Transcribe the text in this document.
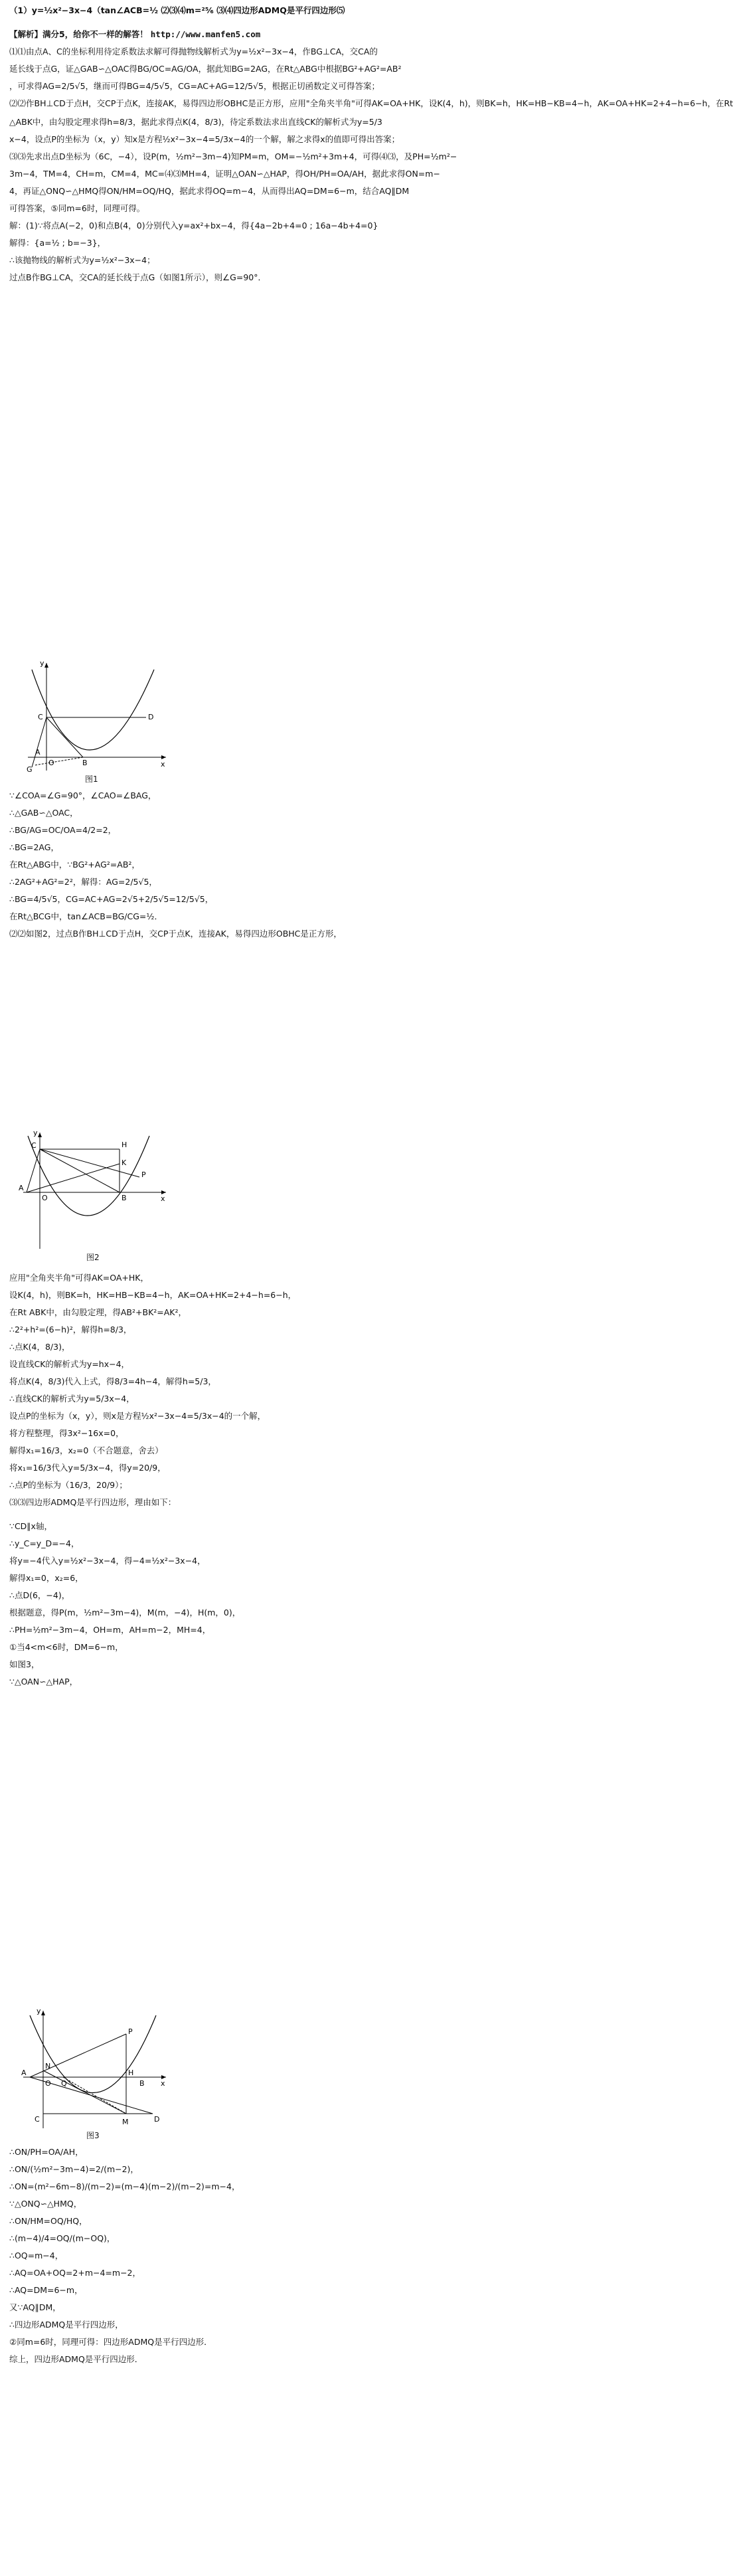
（1）y=½x²−3x−4（tan∠ACB=½ ⑵⑶⑷m=²⁵⁄₆ ⑶⑷四边形ADMQ是平行四边形⑸
【解析】满分5，给你不一样的解答！ http://www.manfen5.com
⑴⑴由点A、C的坐标利用待定系数法求解可得抛物线解析式为y=½x²−3x−4，作BG⊥CA，交CA的
延长线于点G，证△GAB∽△OAC得BG/OC=AG/OA，据此知BG=2AG，在Rt△ABG中根据BG²+AG²=AB²
，可求得AG=2/5√5，继而可得BG=4/5√5，CG=AC+AG=12/5√5，根据正切函数定义可得答案；
⑵⑵作BH⊥CD于点H，交CP于点K，连接AK，易得四边形OBHC是正方形，应用"全角夹半角"可得AK=OA+HK，设K(4，h)，则BK=h，HK=HB−KB=4−h，AK=OA+HK=2+4−h=6−h，在Rt
△ABK中，由勾股定理求得h=8/3，据此求得点K(4，8/3)，待定系数法求出直线CK的解析式为y=5/3
x−4，设点P的坐标为（x，y）知x是方程½x²−3x−4=5/3x−4的一个解，解之求得x的值即可得出答案；
⑶⑶先求出点D坐标为（6C，−4），设P(m，½m²−3m−4)知PM=m，OM=−½m²+3m+4，可得⑷⑶，及PH=½m²−
3m−4，TM=4，CH=m，CM=4，MC=⑷⑶MH=4，证明△OAN∽△HAP，得OH/PH=OA/AH，据此求得ON=m−
4，再证△ONQ∽△HMQ得ON/HM=OQ/HQ，据此求得OQ=m−4，从而得出AQ=DM=6−m，结合AQ∥DM
可得答案，⑤同m=6时，同理可得。
解：(1)∵将点A(−2，0)和点B(4，0)分别代入y=ax²+bx−4，得{4a−2b+4=0 ; 16a−4b+4=0}
解得：{a=½ ; b=−3}，
∴该抛物线的解析式为y=½x²−3x−4；
过点B作BG⊥CA，交CA的延长线于点G（如图1所示），则∠G=90°．
∵∠COA=∠G=90°，∠CAO=∠BAG，
∴△GAB∽△OAC，
∴BG/AG=OC/OA=4/2=2，
∴BG=2AG，
在Rt△ABG中，∵BG²+AG²=AB²，
∴2AG²+AG²=2²，解得：AG=2/5√5，
∴BG=4/5√5，CG=AC+AG=2√5+2/5√5=12/5√5，
在Rt△BCG中，tan∠ACB=BG/CG=½．
⑵⑵如图2，过点B作BH⊥CD于点H，交CP于点K，连接AK，易得四边形OBHC是正方形，
应用"全角夹半角"可得AK=OA+HK，
设K(4，h)，则BK=h，HK=HB−KB=4−h，AK=OA+HK=2+4−h=6−h，
在Rt ABK中，由勾股定理，得AB²+BK²=AK²，
∴2²+h²=(6−h)²，解得h=8/3，
∴点K(4，8/3)，
设直线CK的解析式为y=hx−4，
将点K(4，8/3)代入上式，得8/3=4h−4，解得h=5/3，
∴直线CK的解析式为y=5/3x−4，
设点P的坐标为（x，y），则x是方程½x²−3x−4=5/3x−4的一个解，
将方程整理，得3x²−16x=0，
解得x₁=16/3，x₂=0（不合题意，舍去）
将x₁=16/3代入y=5/3x−4，得y=20/9，
∴点P的坐标为（16/3，20/9）；
⑶⑶四边形ADMQ是平行四边形，理由如下：
∵CD∥x轴，
∴y_C=y_D=−4，
将y=−4代入y=½x²−3x−4，得−4=½x²−3x−4，
解得x₁=0，x₂=6，
∴点D(6，−4)，
根据题意，得P(m，½m²−3m−4)，M(m，−4)，H(m，0)，
∴PH=½m²−3m−4，OH=m，AH=m−2，MH=4，
①当4<m<6时，DM=6−m，
如图3，
∵△OAN∽△HAP，
∴ON/PH=OA/AH，
∴ON/(½m²−3m−4)=2/(m−2)，
∴ON=(m²−6m−8)/(m−2)=(m−4)(m−2)/(m−2)=m−4，
∵△ONQ∽△HMQ，
∴ON/HM=OQ/HQ，
∴(m−4)/4=OQ/(m−OQ)，
∴OQ=m−4，
∴AQ=OA+OQ=2+m−4=m−2，
∴AQ=DM=6−m，
又∵AQ∥DM，
∴四边形ADMQ是平行四边形，
②同m=6时，同理可得：四边形ADMQ是平行四边形．
综上，四边形ADMQ是平行四边形．
y
x
C	D
A
O	B
G
图1
y
x
C	H
K
P
A
O	B
图2
y
x
N
P
A
O Q
H
B
C	M	D
图3
